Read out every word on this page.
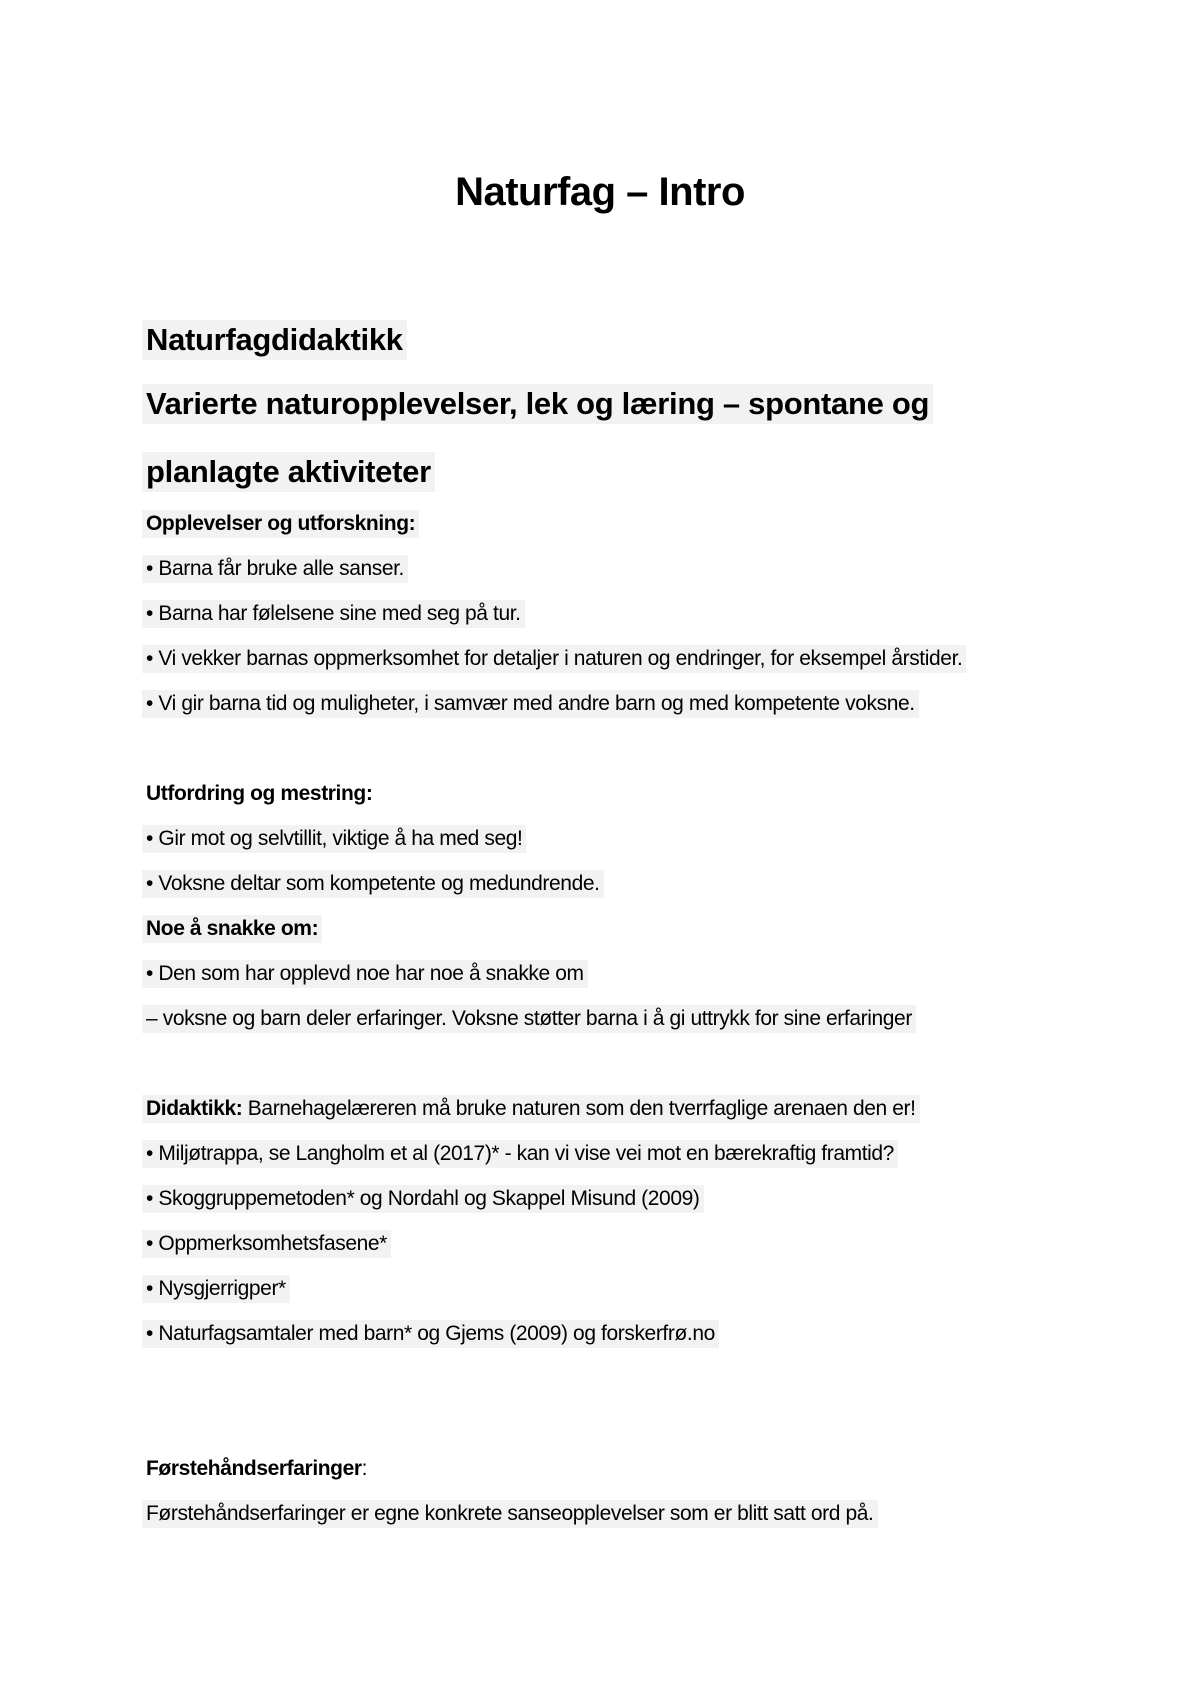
Naturfag – Intro
Naturfagdidaktikk
Varierte naturopplevelser, lek og læring – spontane og
planlagte aktiviteter
Opplevelser og utforskning:
• Barna får bruke alle sanser.
• Barna har følelsene sine med seg på tur.
• Vi vekker barnas oppmerksomhet for detaljer i naturen og endringer, for eksempel årstider.
• Vi gir barna tid og muligheter, i samvær med andre barn og med kompetente voksne.
Utfordring og mestring:
• Gir mot og selvtillit, viktige å ha med seg!
• Voksne deltar som kompetente og medundrende.
Noe å snakke om:
• Den som har opplevd noe har noe å snakke om
– voksne og barn deler erfaringer. Voksne støtter barna i å gi uttrykk for sine erfaringer
Didaktikk: Barnehagelæreren må bruke naturen som den tverrfaglige arenaen den er!
• Miljøtrappa, se Langholm et al (2017)* - kan vi vise vei mot en bærekraftig framtid?
• Skoggruppemetoden* og Nordahl og Skappel Misund (2009)
• Oppmerksomhetsfasene*
• Nysgjerrigper*
• Naturfagsamtaler med barn* og Gjems (2009) og forskerfrø.no
Førstehåndserfaringer:
Førstehåndserfaringer er egne konkrete sanseopplevelser som er blitt satt ord på.
